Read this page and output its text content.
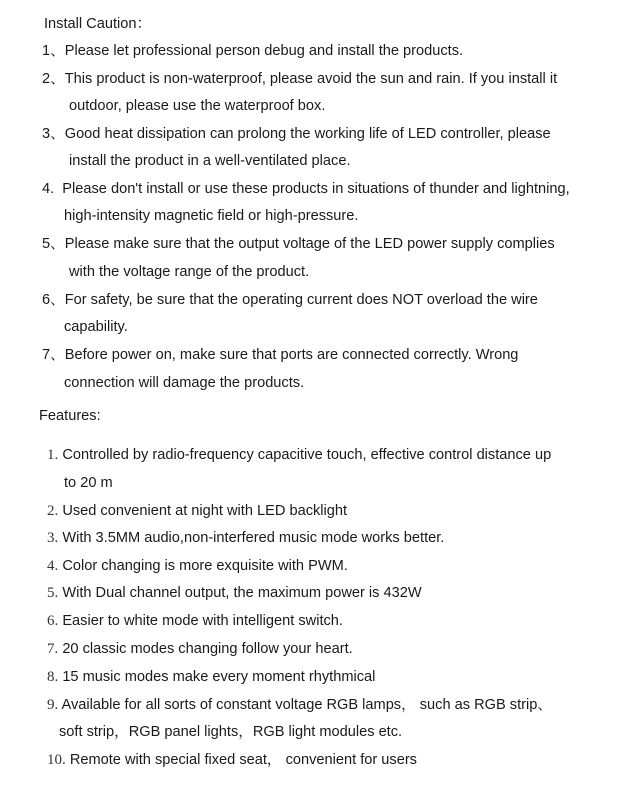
Install Caution：
1、Please let professional person debug and install the products.
2、This product is non-waterproof, please avoid the sun and rain. If you install it
outdoor, please use the waterproof box.
3、Good heat dissipation can prolong the working life of LED controller, please
install the product in a well-ventilated place.
4. Please don't install or use these products in situations of thunder and lightning,
high-intensity magnetic field or high-pressure.
5、Please make sure that the output voltage of the LED power supply complies
with the voltage range of the product.
6、For safety, be sure that the operating current does NOT overload the wire
capability.
7、Before power on, make sure that ports are connected correctly. Wrong
connection will damage the products.
Features:
1. Controlled by radio-frequency capacitive touch, effective control distance up
to 20 m
2. Used convenient at night with LED backlight
3. With 3.5MM audio,non-interfered music mode works better.
4. Color changing is more exquisite with PWM.
5. With Dual channel output, the maximum power is 432W
6. Easier to white mode with intelligent switch.
7. 20 classic modes changing follow your heart.
8. 15 music modes make every moment rhythmical
9. Available for all sorts of constant voltage RGB lamps， such as RGB strip、
soft strip，RGB panel lights，RGB light modules etc.
10. Remote with special fixed seat， convenient for users
